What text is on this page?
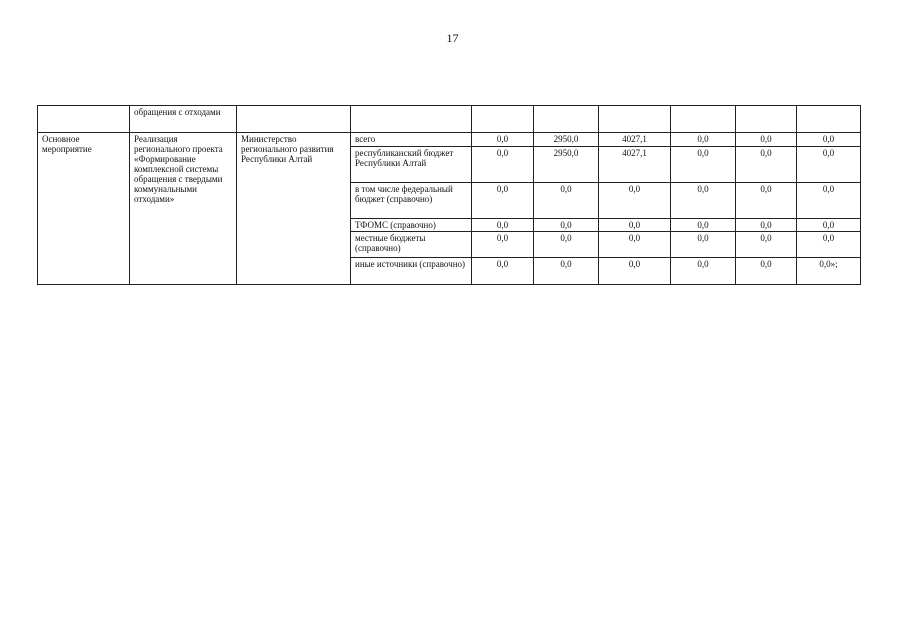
17
	обращения с отходами								
Основное мероприятие	Реализация регионального проекта «Формирование комплексной системы обращения с твердыми коммунальными отходами»	Министерство регионального развития Республики Алтай	всего	0,0	2950,0	4027,1	0,0	0,0	0,0
			республиканский бюджет Республики Алтай	0,0	2950,0	4027,1	0,0	0,0	0,0
			в том числе федеральный бюджет (справочно)	0,0	0,0	0,0	0,0	0,0	0,0
			ТФОМС (справочно)	0,0	0,0	0,0	0,0	0,0	0,0
			местные бюджеты (справочно)	0,0	0,0	0,0	0,0	0,0	0,0
			иные источники (справочно)	0,0	0,0	0,0	0,0	0,0	0,0»;
